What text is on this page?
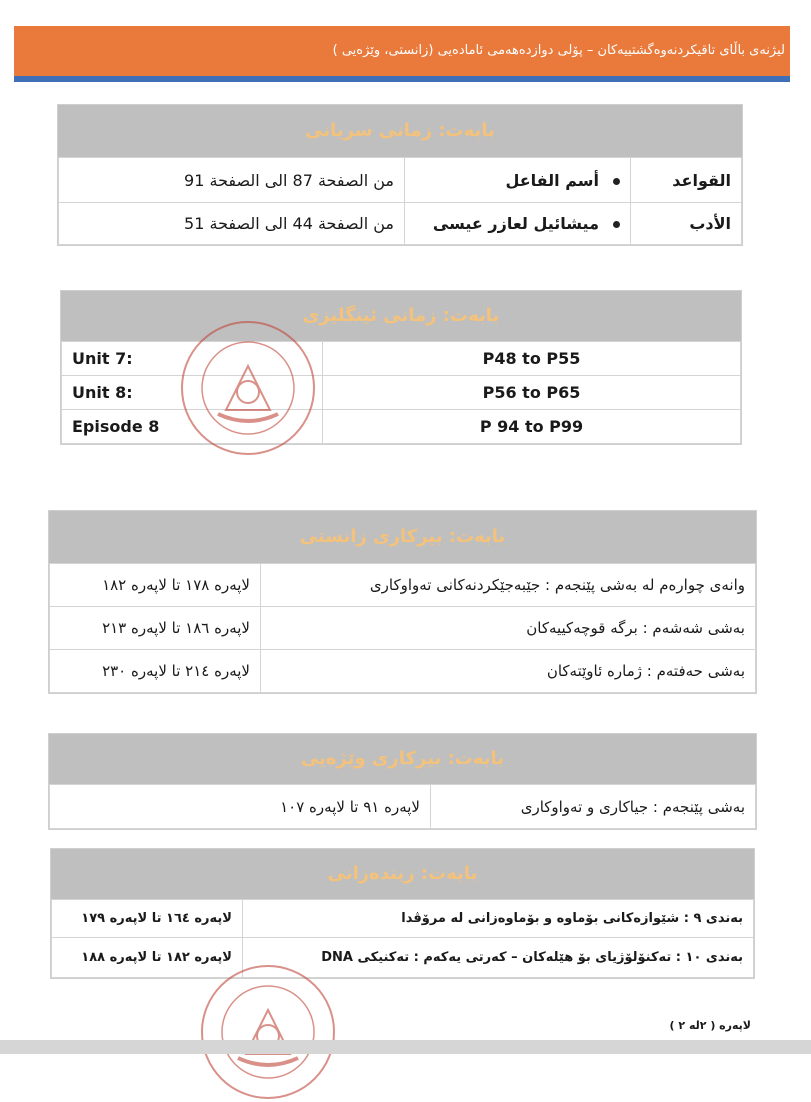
لیژنەی باڵای تاقیكردنەوەگشتییەكان – پۆلی دوازدەهەمی ئامادەیی (زانستی، وێژەیی )
بابەت: زمانی سریانی
من الصفحة 87 الى الصفحة 91	أسم الفاعل	القواعد
من الصفحة 44 الى الصفحة 51	ميشائيل لعازر عيسى	الأدب
بابەت: زمانی ئینگلیزی
Unit 7:	P48 to P55
Unit 8:	P56 to P65
Episode 8	P 94 to P99
بابەت: بیركاری زانستی
لاپەرە ١٧٨ تا لاپەرە ١٨٢	وانەی چوارەم لە بەشی پێنجەم : جێبەجێكردنەكانی تەواوكاری
لاپەرە ١٨٦ تا لاپەرە ٢١٣	بەشی شەشەم : برگە قوچەكییەكان
لاپەرە ٢١٤ تا لاپەرە ٢٣٠	بەشی حەفتەم : ژمارە ئاوێتەكان
بابەت: بیركاری وێژەیی
لاپەرە ٩١ تا لاپەرە ١٠٧	بەشی پێنجەم : جیاكاری و تەواوكاری
بابەت: زیندەزانی
لاپەرە ١٦٤ تا لاپەرە ١٧٩	بەندی ٩ : شێوازەكانی بۆماوە و بۆماوەزانی لە مرۆڤدا
لاپەرە ١٨٢ تا لاپەرە ١٨٨	بەندی ١٠ : تەكنۆلۆژیای بۆ هێلەكان – كەرتی یەكەم : تەكنیكی DNA
لاپەرە ( ٢لە ٢ )
